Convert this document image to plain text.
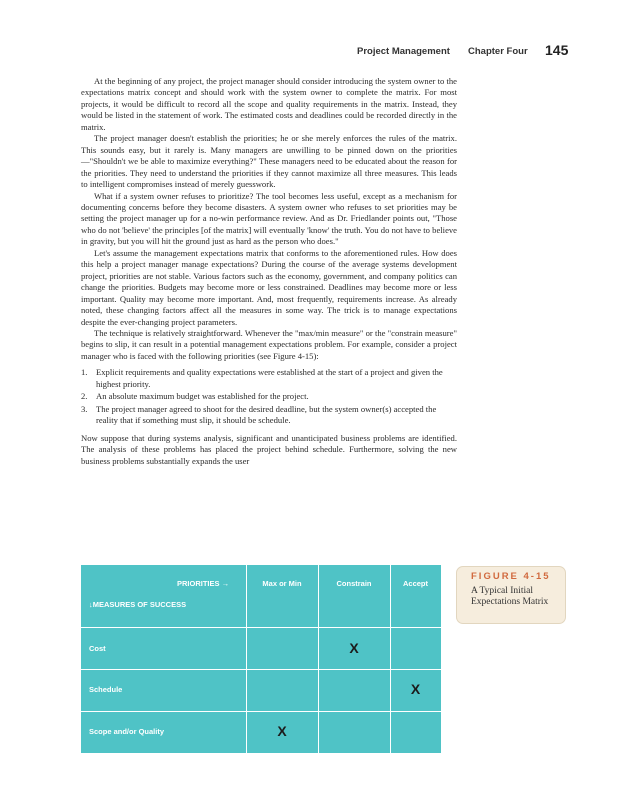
Project Management Chapter Four 145

At the beginning of any project, the project manager should consider introducing the system owner to the expectations matrix concept and should work with the system owner to complete the matrix. For most projects, it would be difficult to record all the scope and quality requirements in the matrix. Instead, they would be listed in the statement of work. The estimated costs and deadlines could be recorded directly in the matrix.

The project manager doesn't establish the priorities; he or she merely enforces the rules of the matrix. This sounds easy, but it rarely is. Many managers are unwilling to be pinned down on the priorities—"Shouldn't we be able to maximize everything?" These managers need to be educated about the reason for the priorities. They need to understand the priorities if they cannot maximize all three measures. This leads to intelligent compromises instead of merely guesswork.

What if a system owner refuses to prioritize? The tool becomes less useful, except as a mechanism for documenting concerns before they become disasters. A system owner who refuses to set priorities may be setting the project manager up for a no-win performance review. And as Dr. Friedlander points out, "Those who do not 'believe' the principles [of the matrix] will eventually 'know' the truth. You do not have to believe in gravity, but you will hit the ground just as hard as the person who does."

Let's assume the management expectations matrix that conforms to the aforementioned rules. How does this help a project manager manage expectations? During the course of the average systems development project, priorities are not stable. Various factors such as the economy, government, and company politics can change the priorities. Budgets may become more or less constrained. Deadlines may become more or less important. Quality may become more important. And, most frequently, requirements increase. As already noted, these changing factors affect all the measures in some way. The trick is to manage expectations despite the ever-changing project parameters.

The technique is relatively straightforward. Whenever the "max/min measure" or the "constrain measure" begins to slip, it can result in a potential management expectations problem. For example, consider a project manager who is faced with the following priorities (see Figure 4-15):

1. Explicit requirements and quality expectations were established at the start of a project and given the highest priority.
2. An absolute maximum budget was established for the project.
3. The project manager agreed to shoot for the desired deadline, but the system owner(s) accepted the reality that if something must slip, it should be schedule.

Now suppose that during systems analysis, significant and unanticipated business problems are identified. The analysis of these problems has placed the project behind schedule. Furthermore, solving the new business problems substantially expands the user

PRIORITIES →
↓MEASURES OF SUCCESS
Max or Min	Constrain	Accept
Cost
Schedule
Scope and/or Quality
X
X
X
FIGURE 4-15
A Typical Initial Expectations Matrix
